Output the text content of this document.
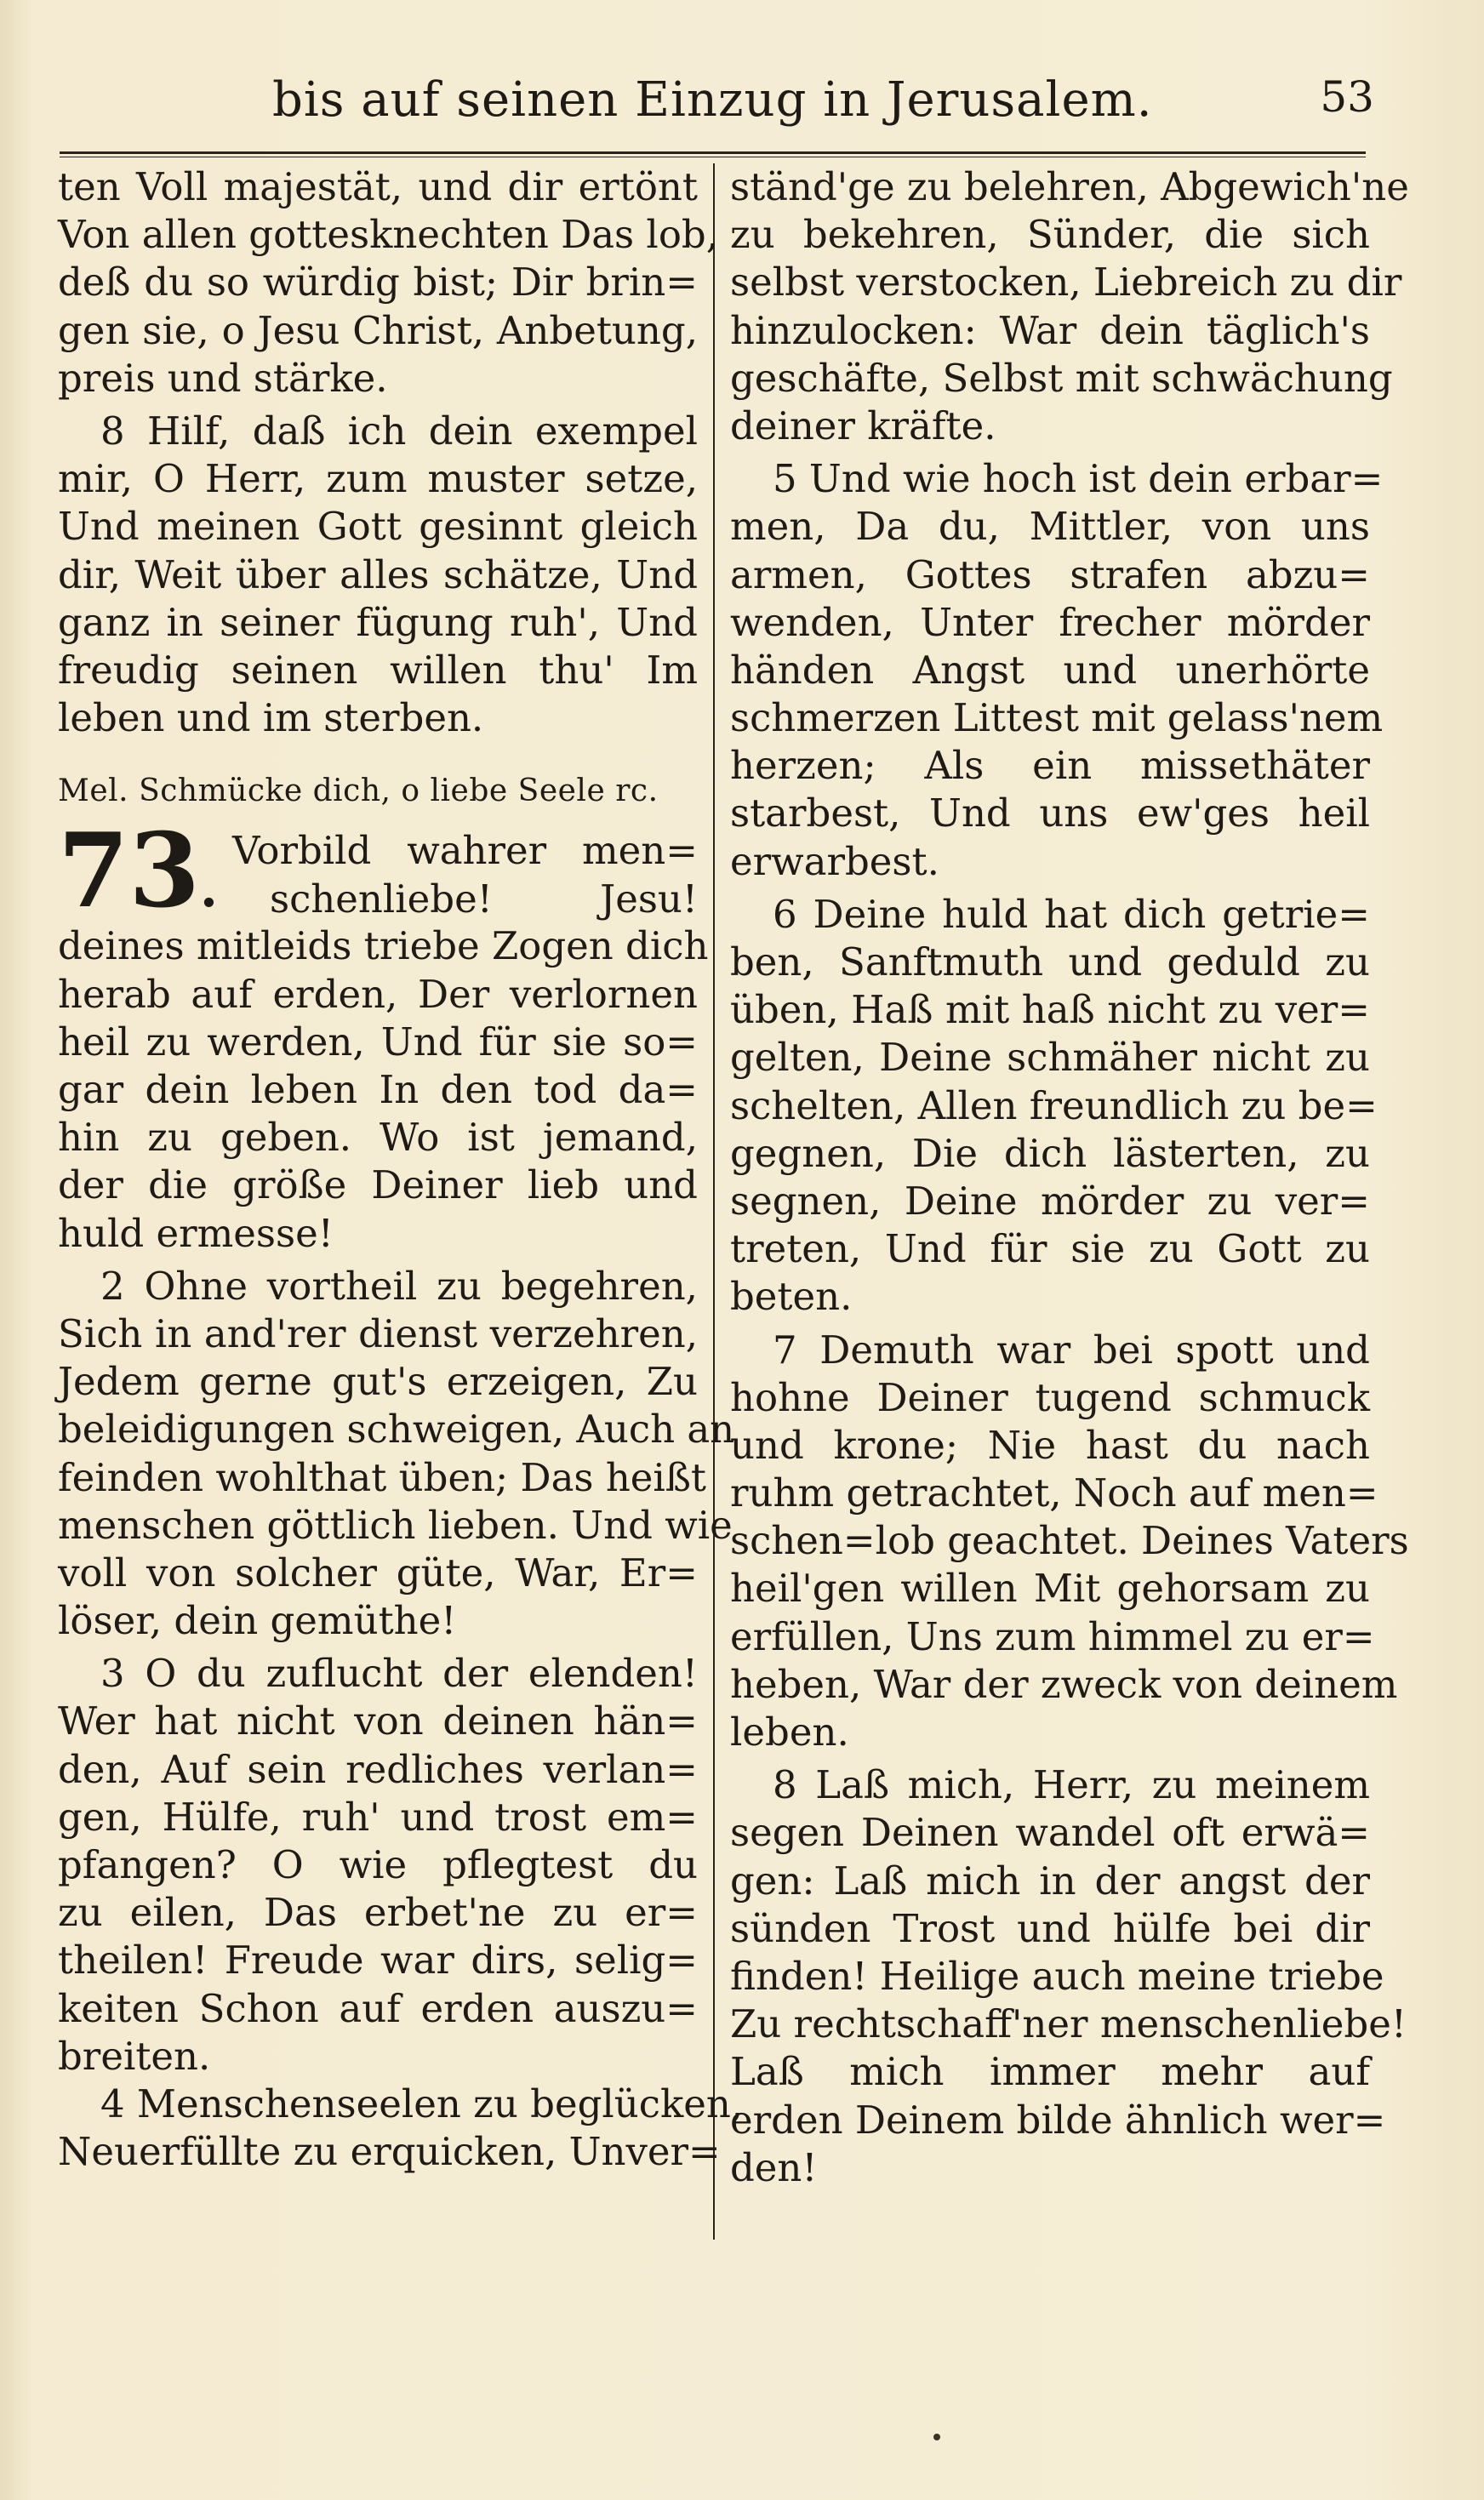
bis auf seinen Einzug in Jerusalem.	53
ten Voll majestät, und dir ertönt
Von allen gottesknechten Das lob,
deß du so würdig bist; Dir brin=
gen sie, o Jesu Christ, Anbetung,
preis und stärke.
8 Hilf, daß ich dein exempel
mir, O Herr, zum muster setze,
Und meinen Gott gesinnt gleich
dir, Weit über alles schätze, Und
ganz in seiner fügung ruh', Und
freudig seinen willen thu' Im
leben und im sterben.
Mel. Schmücke dich, o liebe Seele rc.
73.
Vorbild wahrer men=
schenliebe! Jesu!
deines mitleids triebe Zogen dich
herab auf erden, Der verlornen
heil zu werden, Und für sie so=
gar dein leben In den tod da=
hin zu geben. Wo ist jemand,
der die größe Deiner lieb und
huld ermesse!
2 Ohne vortheil zu begehren,
Sich in and'rer dienst verzehren,
Jedem gerne gut's erzeigen, Zu
beleidigungen schweigen, Auch an
feinden wohlthat üben; Das heißt
menschen göttlich lieben. Und wie
voll von solcher güte, War, Er=
löser, dein gemüthe!
3 O du zuflucht der elenden!
Wer hat nicht von deinen hän=
den, Auf sein redliches verlan=
gen, Hülfe, ruh' und trost em=
pfangen? O wie pflegtest du
zu eilen, Das erbet'ne zu er=
theilen! Freude war dirs, selig=
keiten Schon auf erden auszu=
breiten.
4 Menschenseelen zu beglücken,
Neuerfüllte zu erquicken, Unver=
ständ'ge zu belehren, Abgewich'ne
zu bekehren, Sünder, die sich
selbst verstocken, Liebreich zu dir
hinzulocken: War dein täglich's
geschäfte, Selbst mit schwächung
deiner kräfte.
5 Und wie hoch ist dein erbar=
men, Da du, Mittler, von uns
armen, Gottes strafen abzu=
wenden, Unter frecher mörder
händen Angst und unerhörte
schmerzen Littest mit gelass'nem
herzen; Als ein missethäter
starbest, Und uns ew'ges heil
erwarbest.
6 Deine huld hat dich getrie=
ben, Sanftmuth und geduld zu
üben, Haß mit haß nicht zu ver=
gelten, Deine schmäher nicht zu
schelten, Allen freundlich zu be=
gegnen, Die dich lästerten, zu
segnen, Deine mörder zu ver=
treten, Und für sie zu Gott zu
beten.
7 Demuth war bei spott und
hohne Deiner tugend schmuck
und krone; Nie hast du nach
ruhm getrachtet, Noch auf men=
schen=lob geachtet. Deines Vaters
heil'gen willen Mit gehorsam zu
erfüllen, Uns zum himmel zu er=
heben, War der zweck von deinem
leben.
8 Laß mich, Herr, zu meinem
segen Deinen wandel oft erwä=
gen: Laß mich in der angst der
sünden Trost und hülfe bei dir
finden! Heilige auch meine triebe
Zu rechtschaff'ner menschenliebe!
Laß mich immer mehr auf
erden Deinem bilde ähnlich wer=
den!
